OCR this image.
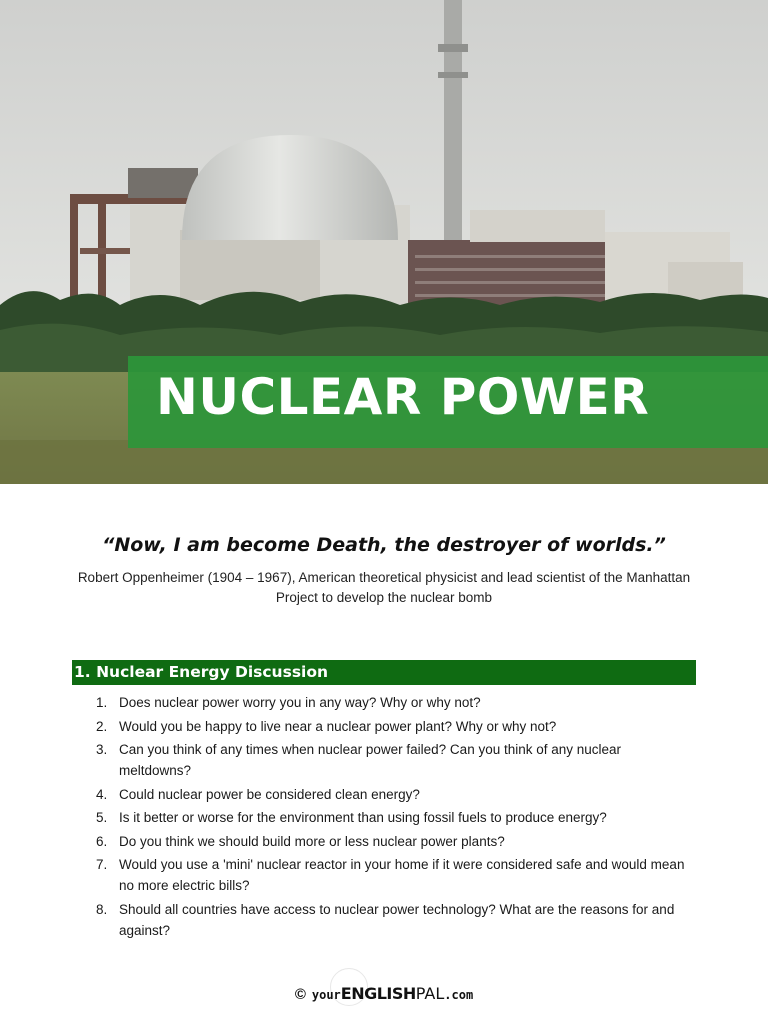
NUCLEAR POWER
“Now, I am become Death, the destroyer of worlds.”
Robert Oppenheimer (1904 – 1967), American theoretical physicist and lead scientist of the Manhattan
Project to develop the nuclear bomb
1. Nuclear Energy Discussion
1. Does nuclear power worry you in any way? Why or why not?
2. Would you be happy to live near a nuclear power plant? Why or why not?
3. Can you think of any times when nuclear power failed? Can you think of any nuclear meltdowns?
4. Could nuclear power be considered clean energy?
5. Is it better or worse for the environment than using fossil fuels to produce energy?
6. Do you think we should build more or less nuclear power plants?
7. Would you use a 'mini' nuclear reactor in your home if it were considered safe and would mean no more electric bills?
8. Should all countries have access to nuclear power technology? What are the reasons for and against?
© yourENGLISHPAL.com
